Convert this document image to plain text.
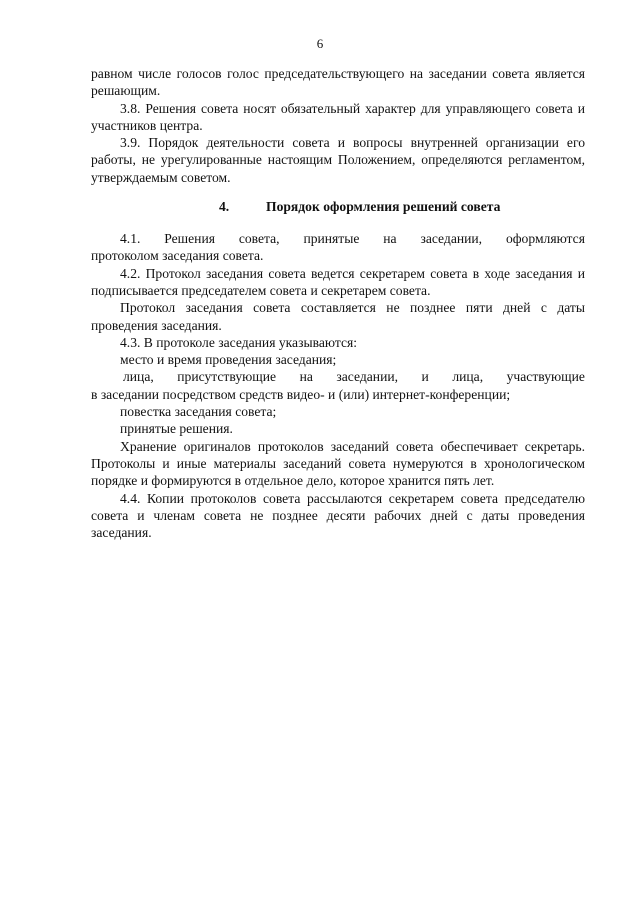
6

равном числе голосов голос председательствующего на заседании совета является решающим.

3.8. Решения совета носят обязательный характер для управляющего совета и участников центра.

3.9. Порядок деятельности совета и вопросы внутренней организации его работы, не урегулированные настоящим Положением, определяются регламентом, утверждаемым советом.

4.	Порядок оформления решений совета
4.1. Решения совета, принятые на заседании, оформляются

протоколом заседания совета.

4.2. Протокол заседания совета ведется секретарем совета в ходе заседания и подписывается председателем совета и секретарем совета.

Протокол заседания совета составляется не позднее пяти дней с даты проведения заседания.

4.3. В протоколе заседания указываются:

место и время проведения заседания;

лица, присутствующие на заседании, и лица, участвующие

в заседании посредством средств видео- и (или) интернет-конференции;

повестка заседания совета;

принятые решения.

Хранение оригиналов протоколов заседаний совета обеспечивает секретарь. Протоколы и иные материалы заседаний совета нумеруются в хронологическом порядке и формируются в отдельное дело, которое хранится пять лет.

4.4. Копии протоколов совета рассылаются секретарем совета председателю совета и членам совета не позднее десяти рабочих дней с даты проведения заседания.
